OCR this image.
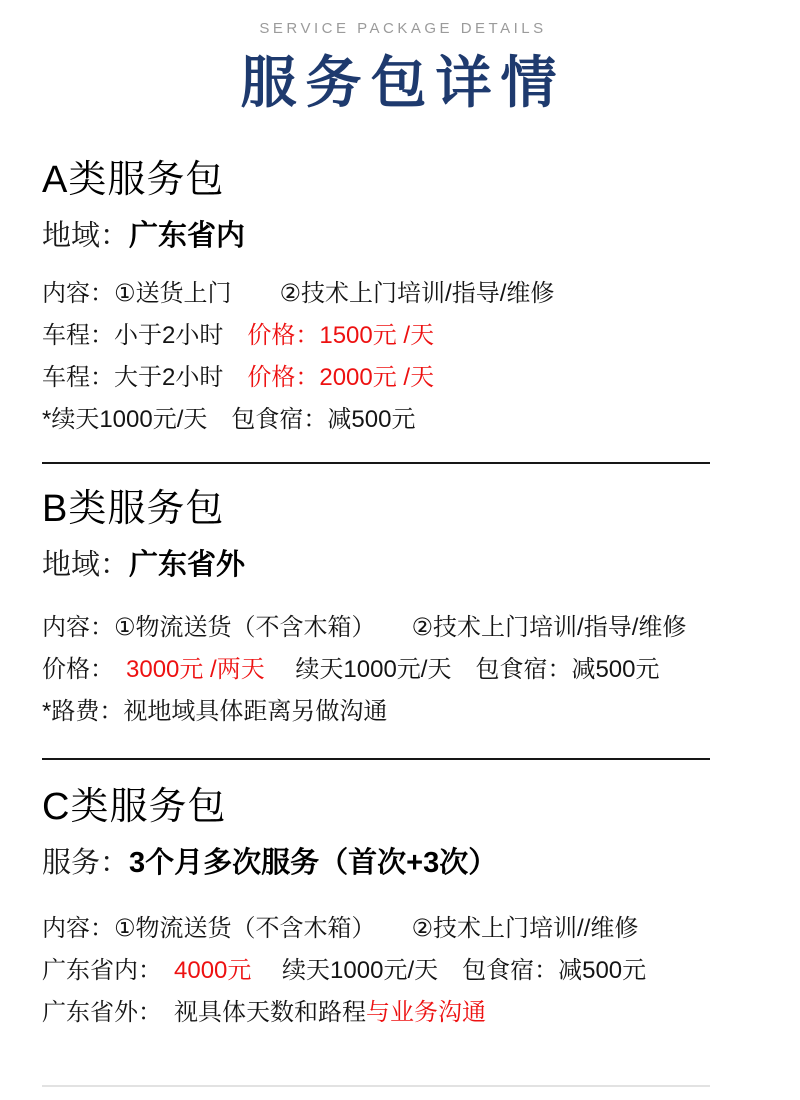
SERVICE PACKAGE DETAILS
服务包详情
A类服务包
地域：广东省内
内容：①送货上门　　②技术上门培训/指导/维修
车程：小于2小时　价格：1500元 /天
车程：大于2小时　价格：2000元 /天
*续天1000元/天　包食宿：减500元
B类服务包
地域：广东省外
内容：①物流送货（不含木箱）　　②技术上门培训/指导/维修
价格：　3000元 /两天　 续天1000元/天　包食宿：减500元
*路费：视地域具体距离另做沟通
C类服务包
服务：3个月多次服务（首次+3次）
内容：①物流送货（不含木箱）　　②技术上门培训//维修
广东省内：　4000元　 续天1000元/天　包食宿：减500元
广东省外：　视具体天数和路程与业务沟通
